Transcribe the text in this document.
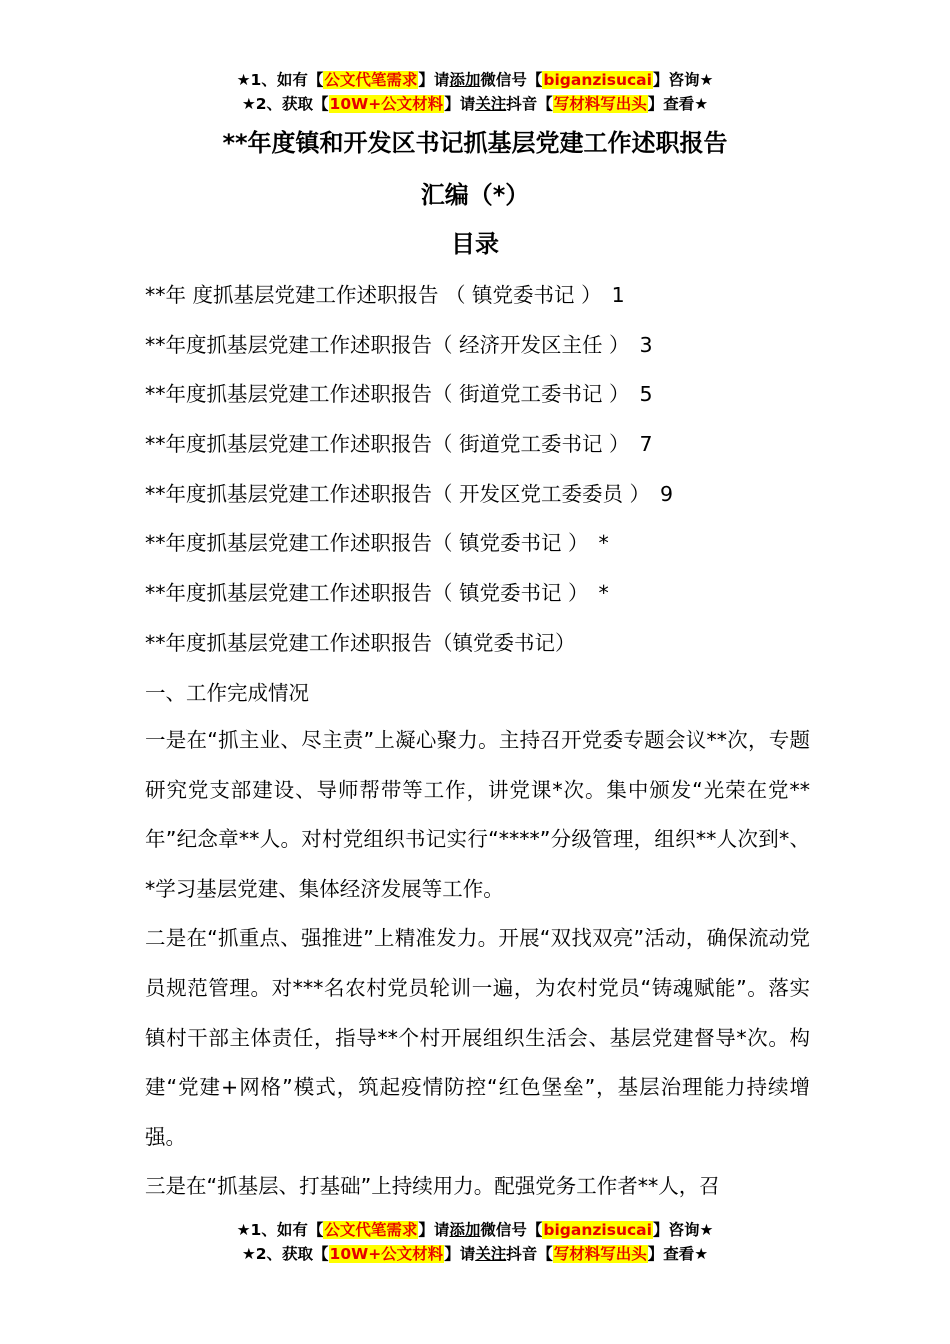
★1、如有【公文代笔需求】请添加微信号【biganzisucai】咨询★
★2、获取【10W+公文材料】请关注抖音【写材料写出头】查看★
**年度镇和开发区书记抓基层党建工作述职报告
汇编（*）
目录
**年 度抓基层党建工作述职报告 （ 镇党委书记 ） 1
**年度抓基层党建工作述职报告（ 经济开发区主任 ） 3
**年度抓基层党建工作述职报告（ 街道党工委书记 ） 5
**年度抓基层党建工作述职报告（ 街道党工委书记 ） 7
**年度抓基层党建工作述职报告（ 开发区党工委委员 ） 9
**年度抓基层党建工作述职报告（ 镇党委书记 ） *
**年度抓基层党建工作述职报告（ 镇党委书记 ） *
**年度抓基层党建工作述职报告（镇党委书记）
一、工作完成情况

一是在“抓主业、尽主责”上凝心聚力。主持召开党委专题会议**次，专题研究党支部建设、导师帮带等工作，讲党课*次。集中颁发“光荣在党**年”纪念章**人。对村党组织书记实行“****”分级管理，组织**人次到*、*学习基层党建、集体经济发展等工作。

二是在“抓重点、强推进”上精准发力。开展“双找双亮”活动，确保流动党员规范管理。对***名农村党员轮训一遍，为农村党员“铸魂赋能”。落实镇村干部主体责任，指导**个村开展组织生活会、基层党建督导*次。构建“党建+网格”模式，筑起疫情防控“红色堡垒”，基层治理能力持续增强。

三是在“抓基层、打基础”上持续用力。配强党务工作者**人，召

★1、如有【公文代笔需求】请添加微信号【biganzisucai】咨询★
★2、获取【10W+公文材料】请关注抖音【写材料写出头】查看★
